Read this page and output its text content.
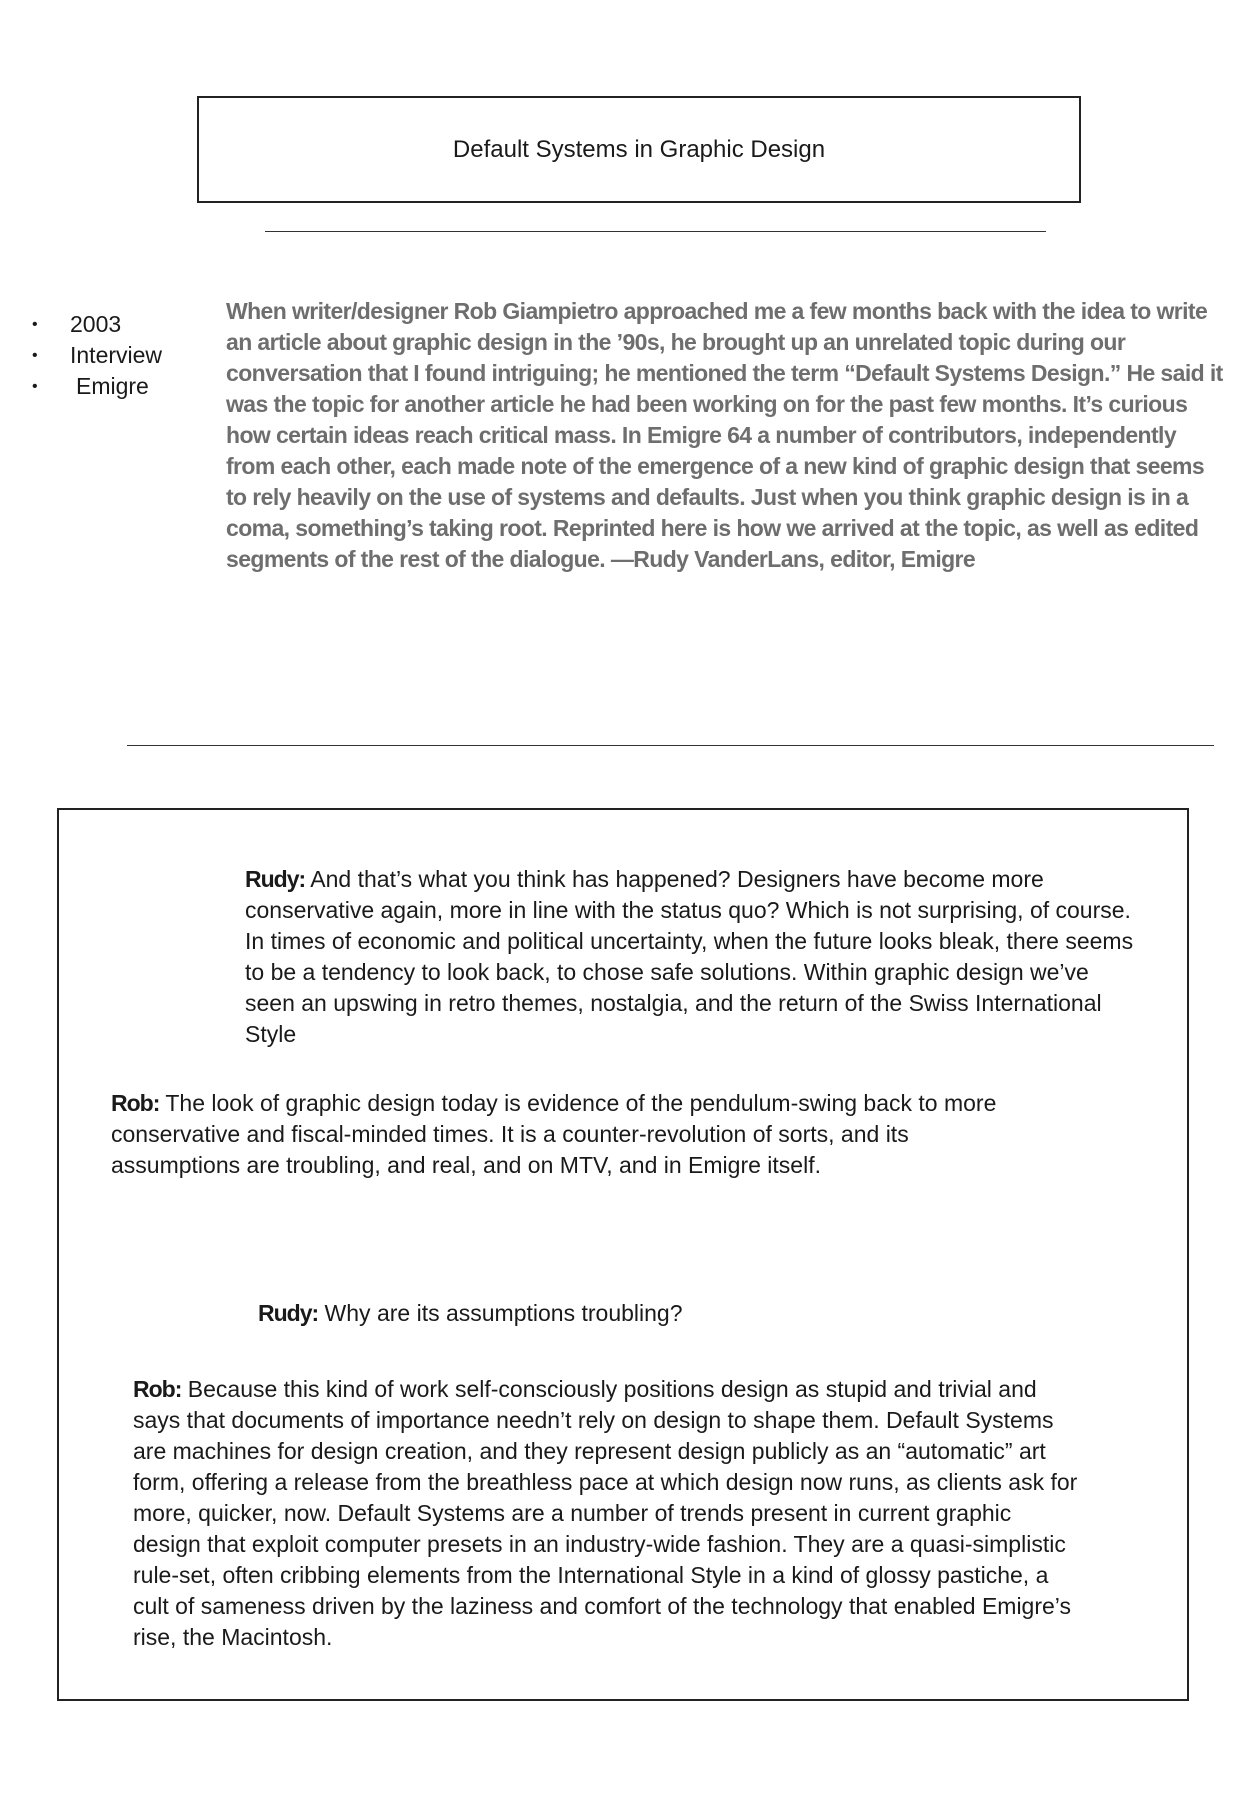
Default Systems in Graphic Design
• 2003
• Interview
• Emigre

When writer/designer Rob Giampietro approached me a few months back with the idea to write an article about graphic design in the ’90s, he brought up an unrelated topic during our conversation that I found intriguing; he mentioned the term “Default Systems Design.” He said it was the topic for another article he had been working on for the past few months. It’s curious how certain ideas reach critical mass. In Emigre 64 a number of contributors, independently from each other, each made note of the emergence of a new kind of graphic design that seems to rely heavily on the use of systems and defaults. Just when you think graphic design is in a coma, something’s taking root. Reprinted here is how we arrived at the topic, as well as edited segments of the rest of the dialogue. —Rudy VanderLans, editor, Emigre

Rudy: And that’s what you think has happened? Designers have become more conservative again, more in line with the status quo? Which is not surprising, of course. In times of economic and political uncertainty, when the future looks bleak, there seems to be a tendency to look back, to chose safe solutions. Within graphic design we’ve seen an upswing in retro themes, nostalgia, and the return of the Swiss International Style

Rob: The look of graphic design today is evidence of the pendulum-swing back to more conservative and fiscal-minded times. It is a counter-revolution of sorts, and its assumptions are troubling, and real, and on MTV, and in Emigre itself.

Rudy: Why are its assumptions troubling?

Rob: Because this kind of work self-consciously positions design as stupid and trivial and says that documents of importance needn’t rely on design to shape them. Default Systems are machines for design creation, and they represent design publicly as an “automatic” art form, offering a release from the breathless pace at which design now runs, as clients ask for more, quicker, now. Default Systems are a number of trends present in current graphic design that exploit computer presets in an industry-wide fashion. They are a quasi-simplistic rule-set, often cribbing elements from the International Style in a kind of glossy pastiche, a cult of sameness driven by the laziness and comfort of the technology that enabled Emigre’s rise, the Macintosh.
